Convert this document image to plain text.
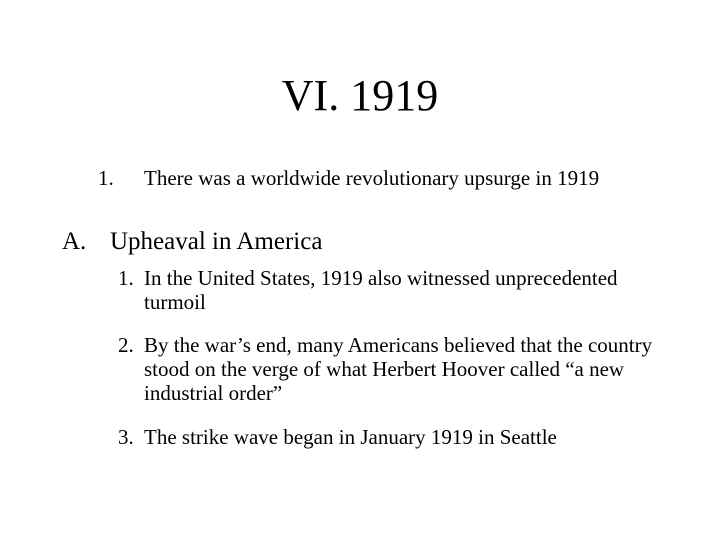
VI. 1919
1. There was a worldwide revolutionary upsurge in 1919
A. Upheaval in America
1. In the United States, 1919 also witnessed unprecedented turmoil
2. By the war’s end, many Americans believed that the country stood on the verge of what Herbert Hoover called “a new industrial order”
3. The strike wave began in January 1919 in Seattle
